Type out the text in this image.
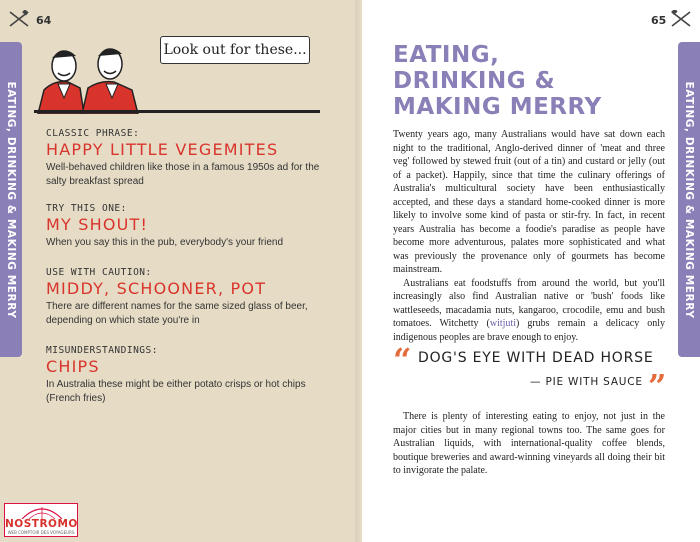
64
EATING, DRINKING & MAKING MERRY
Look out for these...
CLASSIC PHRASE:
HAPPY LITTLE VEGEMITES
Well-behaved children like those in a famous 1950s ad for the salty breakfast spread
TRY THIS ONE:
MY SHOUT!
When you say this in the pub, everybody's your friend
USE WITH CAUTION:
MIDDY, SCHOONER, POT
There are different names for the same sized glass of beer, depending on which state you're in
MISUNDERSTANDINGS:
CHIPS
In Australia these might be either potato crisps or hot chips (French fries)
NOSTROMO
WEB COMPTOIR DES VOYAGEURS
65
EATING, DRINKING & MAKING MERRY
EATING,
DRINKING &
MAKING MERRY

Twenty years ago, many Australians would have sat down each night to the traditional, Anglo-derived dinner of 'meat and three veg' followed by stewed fruit (out of a tin) and custard or jelly (out of a packet). Happily, since that time the culinary offerings of Australia's multicultural society have been enthusiastically accepted, and these days a standard home-cooked dinner is more likely to involve some kind of pasta or stir-fry. In fact, in recent years Australia has become a foodie's paradise as people have become more adventurous, palates more sophisticated and what was previously the provenance only of gourmets has become mainstream.

Australians eat foodstuffs from around the world, but you'll increasingly also find Australian native or 'bush' foods like wattleseeds, macadamia nuts, kangaroo, crocodile, emu and bush tomatoes. Witchetty (witjuti) grubs remain a delicacy only indigenous peoples are brave enough to enjoy.

“ DOG'S EYE WITH DEAD HORSE
— PIE WITH SAUCE ”

There is plenty of interesting eating to enjoy, not just in the major cities but in many regional towns too. The same goes for Australian liquids, with international-quality coffee blends, boutique breweries and award-winning vineyards all doing their bit to invigorate the palate.
